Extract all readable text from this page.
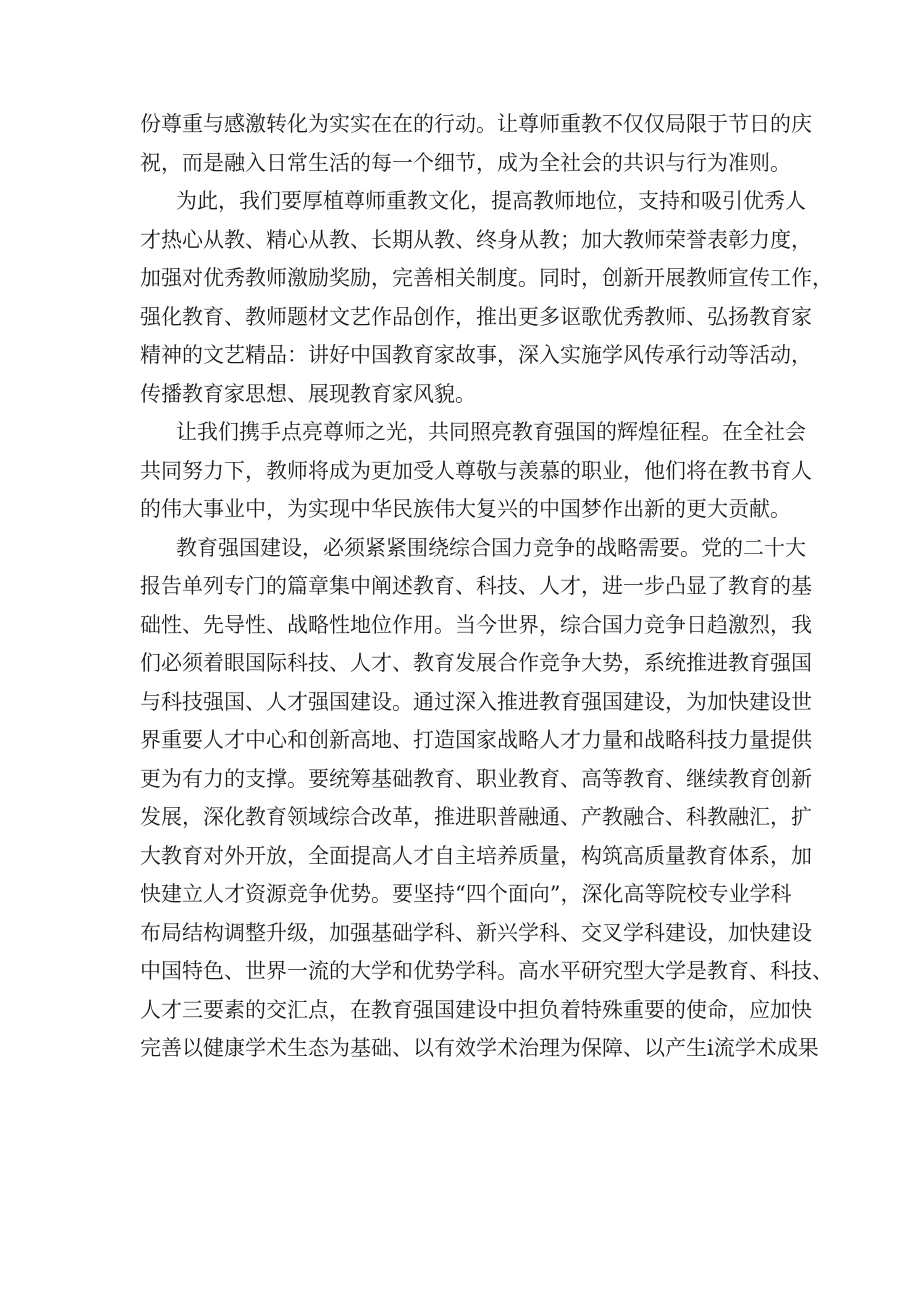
份尊重与感激转化为实实在在的行动。让尊师重教不仅仅局限于节日的庆
祝，而是融入日常生活的每一个细节，成为全社会的共识与行为准则。
为此，我们要厚植尊师重教文化，提高教师地位，支持和吸引优秀人
才热心从教、精心从教、长期从教、终身从教；加大教师荣誉表彰力度，
加强对优秀教师激励奖励，完善相关制度。同时，创新开展教师宣传工作，
强化教育、教师题材文艺作品创作，推出更多讴歌优秀教师、弘扬教育家
精神的文艺精品：讲好中国教育家故事，深入实施学风传承行动等活动，
传播教育家思想、展现教育家风貌。
让我们携手点亮尊师之光，共同照亮教育强国的辉煌征程。在全社会
共同努力下，教师将成为更加受人尊敬与羡慕的职业，他们将在教书育人
的伟大事业中，为实现中华民族伟大复兴的中国梦作出新的更大贡献。
教育强国建设，必须紧紧围绕综合国力竞争的战略需要。党的二十大
报告单列专门的篇章集中阐述教育、科技、人才，进一步凸显了教育的基
础性、先导性、战略性地位作用。当今世界，综合国力竞争日趋激烈，我
们必须着眼国际科技、人才、教育发展合作竞争大势，系统推进教育强国
与科技强国、人才强国建设。通过深入推进教育强国建设，为加快建设世
界重要人才中心和创新高地、打造国家战略人才力量和战略科技力量提供
更为有力的支撑。要统筹基础教育、职业教育、高等教育、继续教育创新
发展，深化教育领域综合改革，推进职普融通、产教融合、科教融汇，扩
大教育对外开放，全面提高人才自主培养质量，构筑高质量教育体系，加
快建立人才资源竞争优势。要坚持“四个面向”，深化高等院校专业学科
布局结构调整升级，加强基础学科、新兴学科、交叉学科建设，加快建设
中国特色、世界一流的大学和优势学科。高水平研究型大学是教育、科技、
人才三要素的交汇点，在教育强国建设中担负着特殊重要的使命，应加快
完善以健康学术生态为基础、以有效学术治理为保障、以产生i流学术成果
